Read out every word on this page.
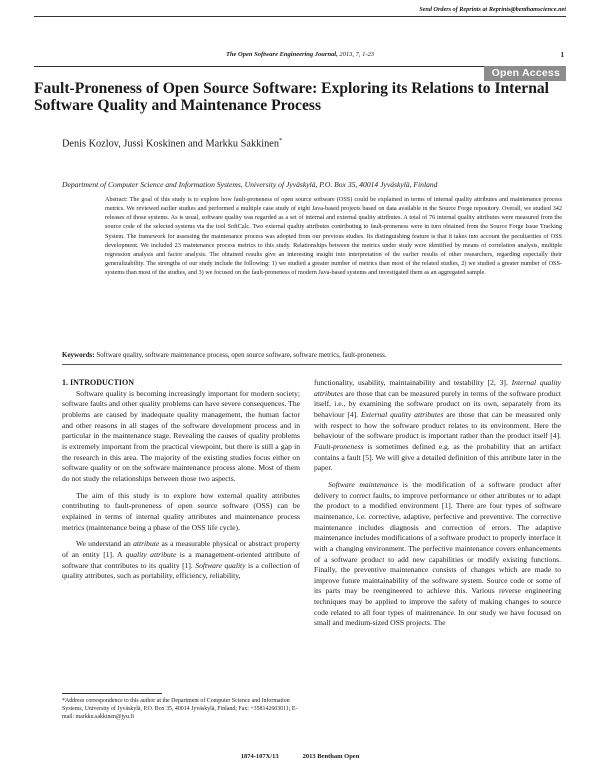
Send Orders of Reprints at Reprints@benthamscience.net
The Open Software Engineering Journal, 2013, 7, 1-23	1
Open Access
Fault-Proneness of Open Source Software: Exploring its Relations to Internal Software Quality and Maintenance Process
Denis Kozlov, Jussi Koskinen and Markku Sakkinen*
Department of Computer Science and Information Systems, University of Jyväskylä, P.O. Box 35, 40014 Jyväskylä, Finland
Abstract: The goal of this study is to explore how fault-proneness of open source software (OSS) could be explained in terms of internal quality attributes and maintenance process metrics. We reviewed earlier studies and performed a multiple case study of eight Java-based projects based on data available in the Source Forge repository. Overall, we studied 342 releases of those systems. As is usual, software quality was regarded as a set of internal and external quality attributes. A total of 76 internal quality attributes were measured from the source code of the selected systems via the tool SoftCalc. Two external quality attributes contributing to fault-proneness were in turn obtained from the Source Forge Issue Tracking System. The framework for assessing the maintenance process was adopted from our previous studies. Its distinguishing feature is that it takes into account the peculiarities of OSS development. We included 23 maintenance process metrics to this study. Relationships between the metrics under study were identified by means of correlation analysis, multiple regression analysis and factor analysis. The obtained results give an interesting insight into interpretation of the earlier results of other researchers, regarding especially their generalizability. The strengths of our study include the following: 1) we studied a greater number of metrics than most of the related studies, 2) we studied a greater number of OSS-systems than most of the studies, and 3) we focused on the fault-proneness of modern Java-based systems and investigated them as an aggregated sample.
Keywords: Software quality, software maintenance process, open source software, software metrics, fault-proneness.

1. INTRODUCTION

Software quality is becoming increasingly important for modern society; software faults and other quality problems can have severe consequences. The problems are caused by inadequate quality management, the human factor and other reasons in all stages of the software development process and in particular in the maintenance stage. Revealing the causes of quality problems is extremely important from the practical viewpoint, but there is still a gap in the research in this area. The majority of the existing studies focus either on software quality or on the software maintenance process alone. Most of them do not study the relationships between those two aspects.

The aim of this study is to explore how external quality attributes contributing to fault-proneness of open source software (OSS) can be explained in terms of internal quality attributes and maintenance process metrics (maintenance being a phase of the OSS life cycle).

We understand an attribute as a measurable physical or abstract property of an entity [1]. A quality attribute is a management-oriented attribute of software that contributes to its quality [1]. Software quality is a collection of quality attributes, such as portability, efficiency, reliability,

functionality, usability, maintainability and testability [2, 3]. Internal quality attributes are those that can be measured purely in terms of the software product itself, i.e., by examining the software product on its own, separately from its behaviour [4]. External quality attributes are those that can be measured only with respect to how the software product relates to its environment. Here the behaviour of the software product is important rather than the product itself [4]. Fault-proneness is sometimes defined e.g. as the probability that an artifact contains a fault [5]. We will give a detailed definition of this attribute later in the paper.

Software maintenance is the modification of a software product after delivery to correct faults, to improve performance or other attributes or to adapt the product to a modified environment [1]. There are four types of software maintenance, i.e. corrective, adaptive, perfective and preventive. The corrective maintenance includes diagnosis and correction of errors. The adaptive maintenance includes modifications of a software product to properly interface it with a changing environment. The perfective maintenance covers enhancements of a software product to add new capabilities or modify existing functions. Finally, the preventive maintenance consists of changes which are made to improve future maintainability of the software system. Source code or some of its parts may be reengineered to achieve this. Various reverse engineering techniques may be applied to improve the safety of making changes to source code related to all four types of maintenance. In our study we have focused on small and medium-sized OSS projects. The

*Address correspondence to this author at the Department of Computer Science and Information Systems, University of Jyväskylä, P.O. Box 35, 40014 Jyväskylä, Finland; Fax: +358142603011; E-mail: markku.sakkinen@jyu.fi
1874-107X/13	2013 Bentham Open
